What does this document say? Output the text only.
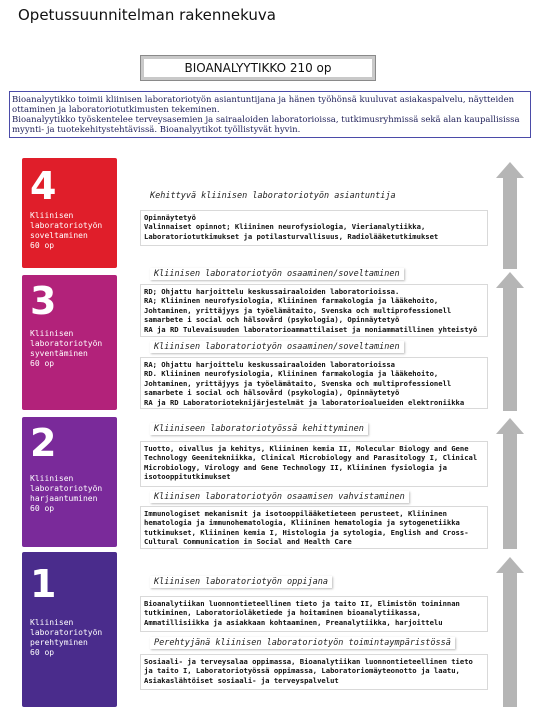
Opetussuunnitelman rakennekuva
BIOANALYYTIKKO 210 op

Bioanalyytikko toimii kliinisen laboratoriotyön asiantuntijana ja hänen työhönsä kuuluvat asiakaspalvelu, näytteiden ottaminen ja laboratoriotutkimusten tekeminen.

Bioanalyytikko työskentelee terveysasemien ja sairaaloiden laboratorioissa, tutkimusryhmissä sekä alan kaupallisissa myynti- ja tuotekehitystehtävissä. Bioanalyytikot työllistyvät hyvin.

4
Kliinisen
laboratoriotyön
soveltaminen
60 op
3
Kliinisen
laboratoriotyön
syventäminen
60 op
2
Kliinisen
laboratoriotyön
harjaantuminen
60 op
1
Kliinisen
laboratoriotyön
perehtyminen
60 op
Kehittyvä kliinisen laboratoriotyön asiantuntija
Opinnäytetyö
Valinnaiset opinnot; Kliininen neurofysiologia, Vierianalytiikka, Laboratoriotutkimukset ja potilasturvallisuus, Radiolääketutkimukset
Kliinisen laboratoriotyön osaaminen/soveltaminen
RD; Ohjattu harjoittelu keskussairaaloiden laboratorioissa.
RA; Kliininen neurofysiologia, Kliininen farmakologia ja lääkehoito, Johtaminen, yrittäjyys ja työelämätaito, Svenska och multiprofessionell samarbete i social och hälsovård (psykologia), Opinnäytetyö
RA ja RD Tulevaisuuden laboratorioammattilaiset ja moniammatillinen yhteistyö
Kliinisen laboratoriotyön osaaminen/soveltaminen
RA; Ohjattu harjoittelu keskussairaaloiden laboratorioissa
RD. Kliininen neurofysiologia, Kliininen farmakologia ja lääkehoito, Johtaminen, yrittäjyys ja työelämätaito, Svenska och multiprofessionell samarbete i social och hälsovård (psykologia), Opinnäytetyö
RA ja RD Laboratorioteknijärjestelmät ja laboratorioalueiden elektroniikka
Kliiniseen laboratoriotyössä kehittyminen
Tuotto, oivallus ja kehitys, Kliininen kemia II, Molecular Biology and Gene Technology Geenitekniikka, Clinical Microbiology and Parasitology I, Clinical Microbiology, Virology and Gene Technology II, Kliininen fysiologia ja isotooppitutkimukset
Kliinisen laboratoriotyön osaamisen vahvistaminen
Immunologiset mekanismit ja isotooppilääketieteen perusteet, Kliininen hematologia ja immunohematologia, Kliininen hematologia ja sytogenetiikka tutkimukset, Kliininen kemia I, Histologia ja sytologia, English and Cross-Cultural Communication in Social and Health Care
Kliinisen laboratoriotyön oppijana
Bioanalytiikan luonnontieteellinen tieto ja taito II, Elimistön toiminnan tutkiminen, Laboratorioläketiede ja hoitaminen bioanalytiikassa, Ammatillisiikka ja asiakkaan kohtaaminen, Preanalytiikka, harjoittelu
Perehtyjänä kliinisen laboratoriotyön toimintaympäristössä
Sosiaali- ja terveysalaa oppimassa, Bioanalytiikan luonnontieteellinen tieto ja taito I, Laboratoriotyössä oppimassa, Laboratoriomäyteonotto ja laatu, Asiakaslähtöiset sosiaali- ja terveyspalvelut
